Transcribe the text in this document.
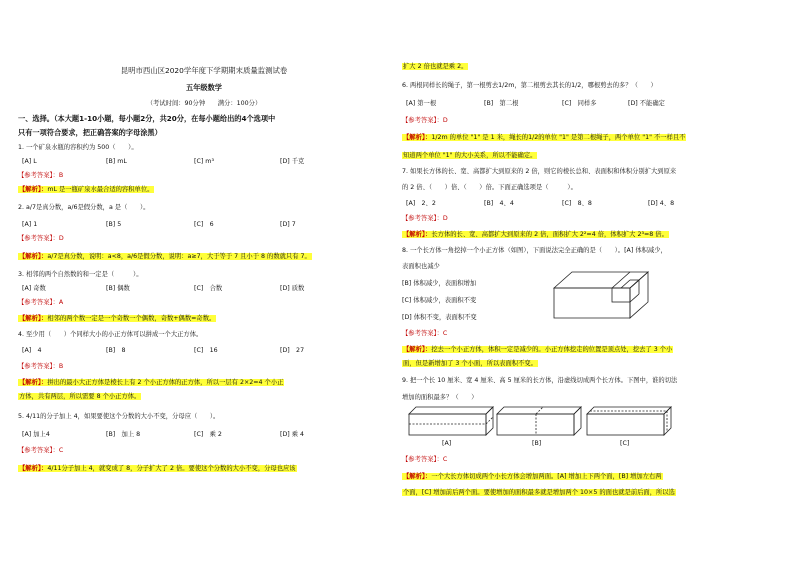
昆明市西山区2020学年度下学期期末质量监测试卷
五年级数学
（考试时间：90分钟　　满分：100分）
一、选择。（本大题1-10小题，每小题2分，共20分，在每小题给出的4个选项中
只有一项符合要求，把正确答案的字母涂黑）
1. 一个矿泉水瓶的容积约为 500（　　）。
[A] L	[B] mL	[C] m³	[D] 千克
【参考答案】：B
【解析】：mL 是一瓶矿泉水最合适的容积单位。
2. a/7是真分数，a/6是假分数，a 是（　　）。
[A] 1	[B] 5	[C]　6	[D] 7
【参考答案】：D
【解析】：a/7是真分数，说明：a<8，a/6是假分数，说明：a≥7，大于等于 7 且小于 8 的数就只有 7。
3. 相邻的两个自然数的和一定是（　　　）。
[A] 奇数	[B] 偶数	[C]　合数	[D] 质数
【参考答案】：A
【解析】：相邻的两个数一定是一个奇数一个偶数，奇数+偶数=奇数。
4. 至少用（　　）个同样大小的小正方体可以拼成一个大正方体。
[A]　4	[B]　8	[C]　16	[D]　27
【参考答案】：B
【解析】：拼出的最小大正方体是棱长上有 2 个小正方体的正方体，所以一层有 2×2=4 个小正
方体，共有两层，所以需要 8 个小正方体。
5. 4/11的分子加上 4，如果要使这个分数的大小不变，分母应（　　）。
[A] 加上4	[B]　加上 8	[C]　乘 2	[D] 乘 4
【参考答案】：C
【解析】：4/11分子加上 4，就变成了 8，分子扩大了 2 倍。要使这个分数的大小不变，分母也应该
扩大 2 倍也就是乘 2。
6. 两根同样长的绳子，第一根剪去1/2m，第二根剪去其长的1/2，哪根剪去的多？（　　）
[A] 第一根	[B]　第二根	[C]　同样多	[D] 不能确定
【参考答案】：D
【解析】：1/2m 的单位 "1" 是 1 米，绳长的1/2的单位 "1" 是第二根绳子，两个单位 "1" 不一样且不
知道两个单位 "1" 的大小关系，所以不能确定。
7. 如果长方体的长、宽、高都扩大到原来的 2 倍，则它的棱长总和、表面积和体积分别扩大到原来
的 2 倍、（　　）倍、（　　）倍。下面正确选项是（　　　）。
[A]　2、2	[B]　4、4	[C]　8、8	[D] 4、8
【参考答案】：D
【解析】：长方体的长、宽、高都扩大到原来的 2 倍，面积扩大 2²=4 倍，体积扩大 2³=8 倍。
8. 一个长方体一角挖掉一个小正方体（如图），下面说法完全正确的是（　　）。[A] 体积减少，
表面积也减少
[B] 体积减少，表面积增加
[C] 体积减少，表面积不变
[D] 体积不变，表面积不变
【参考答案】：C
【解析】：挖去一个小正方体，体积一定是减少的。小正方体挖走的位置是顶点处，挖去了 3 个小
面，但是新增加了 3 个小面，所以表面积不变。
9. 把一个长 10 厘米、宽 4 厘米、高 5 厘米的长方体，沿虚线切成两个长方体。下图中，谁的切法
增加的面积最多？（　　）
[A]	[B]	[C]
【参考答案】：C
【解析】：一个大长方体切成两个小长方体会增加两面。[A] 增加上下两个面，[B] 增加左右两
个面，[C] 增加前后两个面。要使增加的面积最多就是增加两个 10×5 的面也就是前后面，所以选
